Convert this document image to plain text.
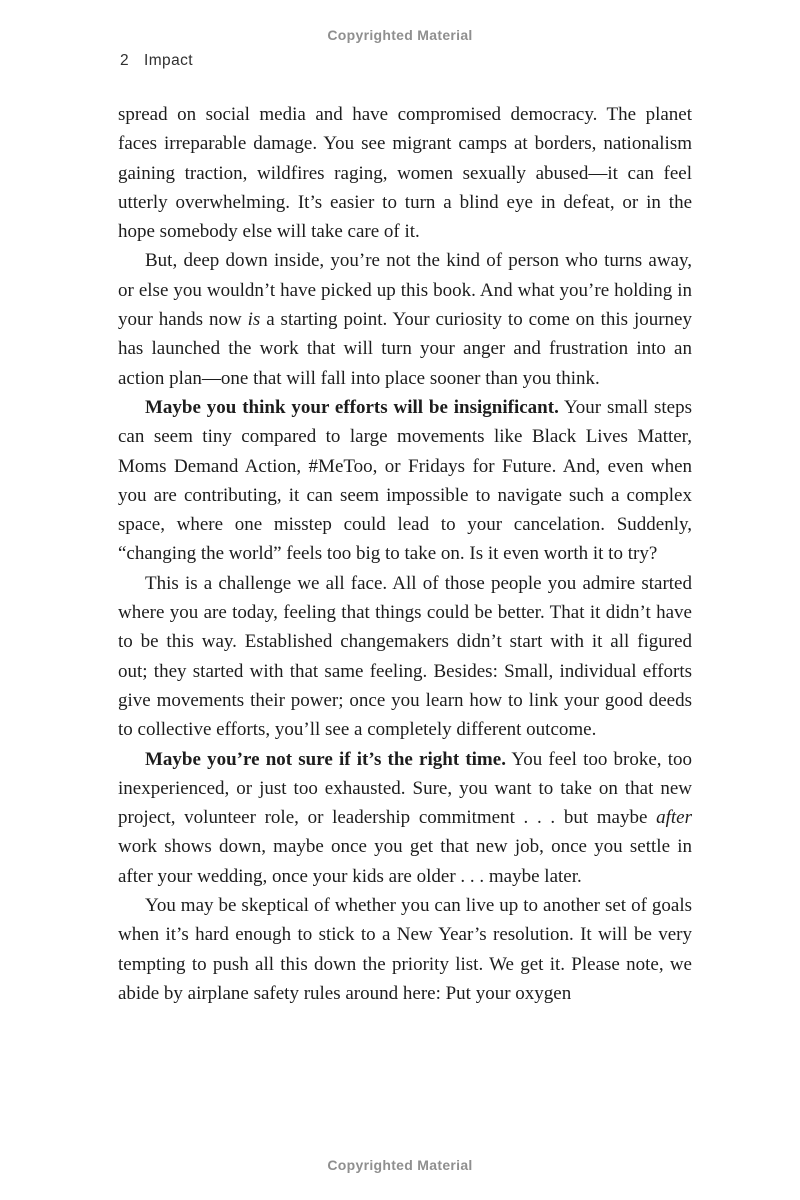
Copyrighted Material
2 Impact

spread on social media and have compromised democracy. The planet faces irreparable damage. You see migrant camps at borders, nationalism gaining traction, wildfires raging, women sexually abused—it can feel utterly overwhelming. It’s easier to turn a blind eye in defeat, or in the hope somebody else will take care of it.

But, deep down inside, you’re not the kind of person who turns away, or else you wouldn’t have picked up this book. And what you’re holding in your hands now is a starting point. Your curiosity to come on this journey has launched the work that will turn your anger and frustration into an action plan—one that will fall into place sooner than you think.

Maybe you think your efforts will be insignificant. Your small steps can seem tiny compared to large movements like Black Lives Matter, Moms Demand Action, #MeToo, or Fridays for Future. And, even when you are contributing, it can seem impossible to navigate such a complex space, where one misstep could lead to your cancelation. Suddenly, “changing the world” feels too big to take on. Is it even worth it to try?

This is a challenge we all face. All of those people you admire started where you are today, feeling that things could be better. That it didn’t have to be this way. Established changemakers didn’t start with it all figured out; they started with that same feeling. Besides: Small, individual efforts give movements their power; once you learn how to link your good deeds to collective efforts, you’ll see a completely different outcome.

Maybe you’re not sure if it’s the right time. You feel too broke, too inexperienced, or just too exhausted. Sure, you want to take on that new project, volunteer role, or leadership commitment . . . but maybe after work shows down, maybe once you get that new job, once you settle in after your wedding, once your kids are older . . . maybe later.

You may be skeptical of whether you can live up to another set of goals when it’s hard enough to stick to a New Year’s resolution. It will be very tempting to push all this down the priority list. We get it. Please note, we abide by airplane safety rules around here: Put your oxygen

Copyrighted Material
